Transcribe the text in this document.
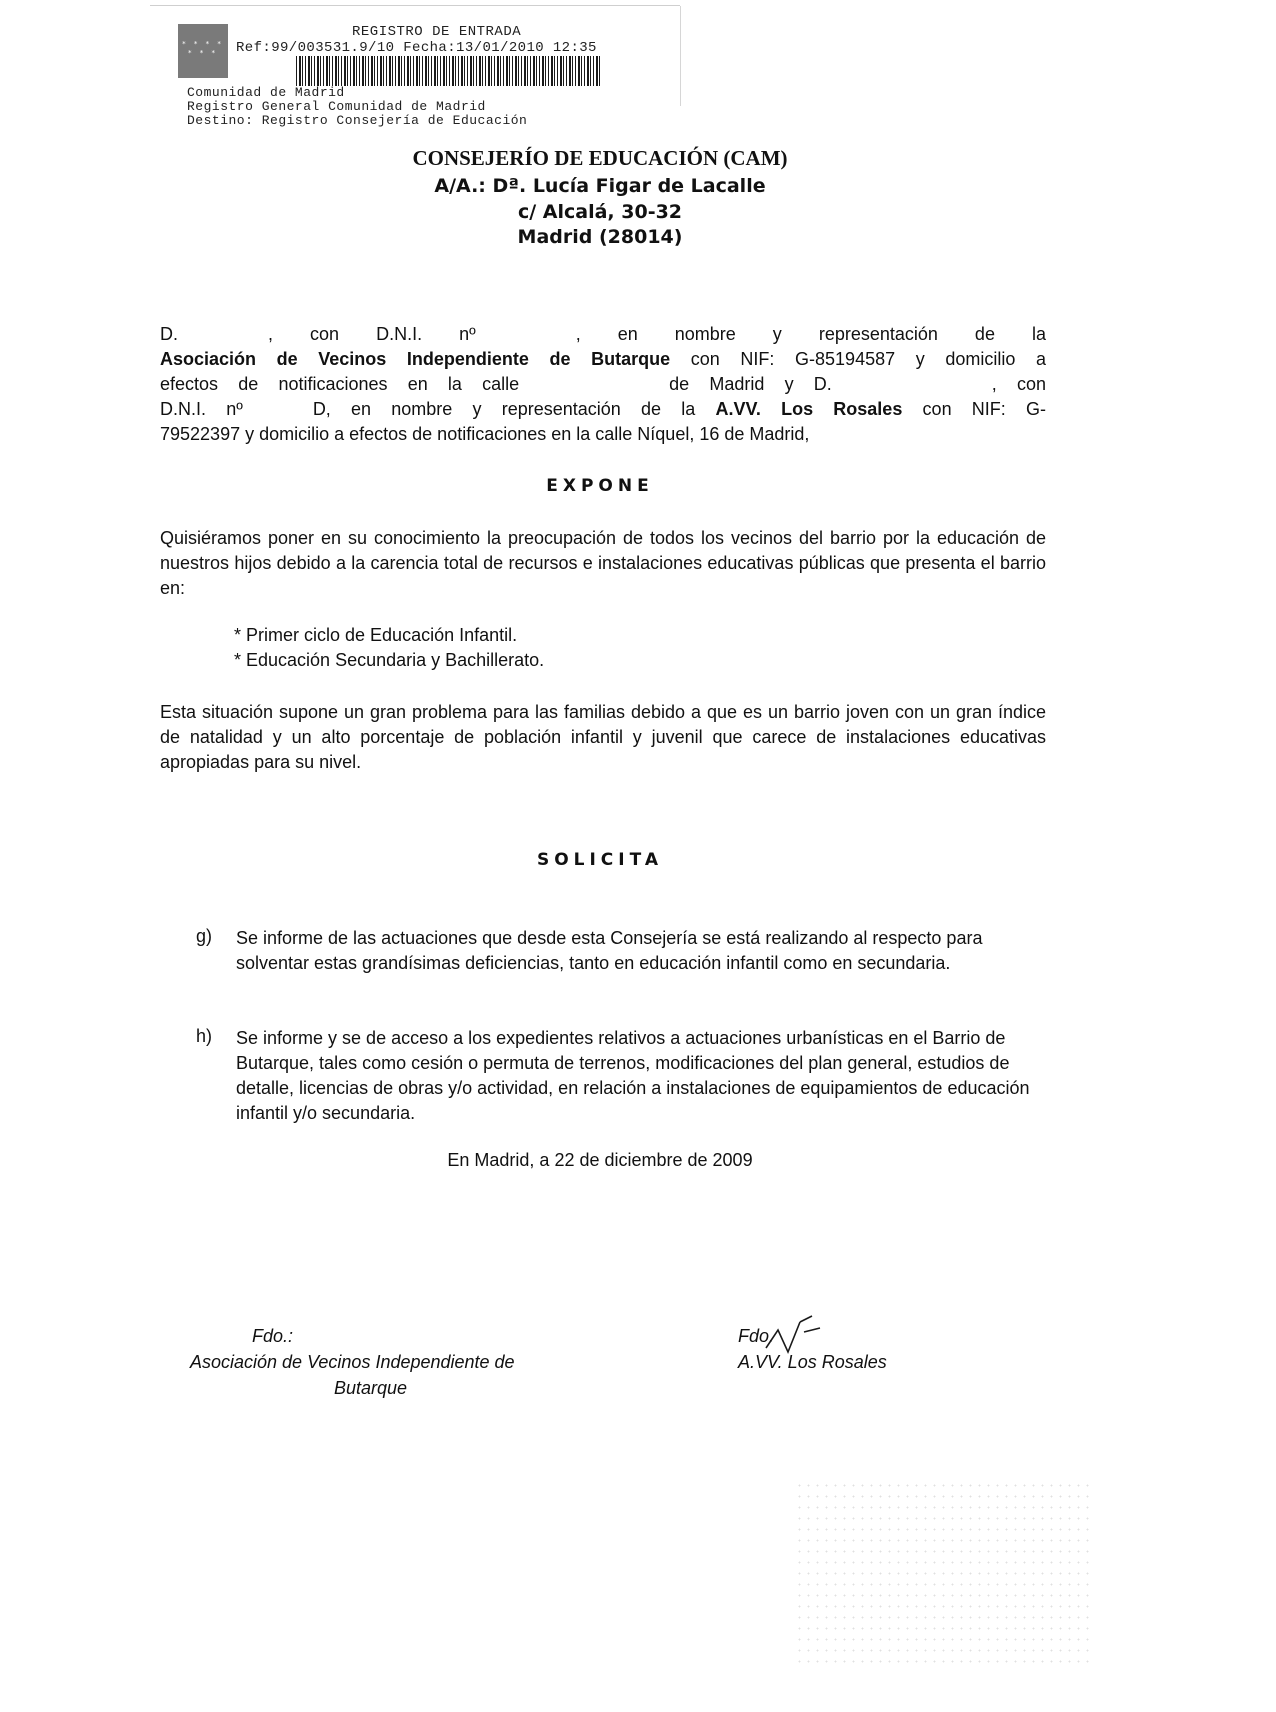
* * * * * * *
REGISTRO DE ENTRADA
Ref:99/003531.9/10 Fecha:13/01/2010 12:35
Comunidad de Madrid
Registro General Comunidad de Madrid
Destino: Registro Consejería de Educación
CONSEJERÍO DE EDUCACIÓN (CAM)
A/A.: Dª. Lucía Figar de Lacalle
c/ Alcalá, 30-32
Madrid (28014)
D.	, con D.N.I. nº	, en nombre y representación de la
Asociación de Vecinos Independiente de Butarque con NIF: G-85194587 y domicilio a
efectos de notificaciones en la calle	de Madrid y D.	, con
D.N.I. nº	D, en nombre y representación de la A.VV. Los Rosales con NIF: G-
79522397 y domicilio a efectos de notificaciones en la calle Níquel, 16 de Madrid,
EXPONE
Quisiéramos poner en su conocimiento la preocupación de todos los vecinos del barrio por la educación de nuestros hijos debido a la carencia total de recursos e instalaciones educativas públicas que presenta el barrio en:
* Primer ciclo de Educación Infantil.
* Educación Secundaria y Bachillerato.
Esta situación supone un gran problema para las familias debido a que es un barrio joven con un gran índice de natalidad y un alto porcentaje de población infantil y juvenil que carece de instalaciones educativas apropiadas para su nivel.
SOLICITA
g) Se informe de las actuaciones que desde esta Consejería se está realizando al respecto para solventar estas grandísimas deficiencias, tanto en educación infantil como en secundaria.
h) Se informe y se de acceso a los expedientes relativos a actuaciones urbanísticas en el Barrio de Butarque, tales como cesión o permuta de terrenos, modificaciones del plan general, estudios de detalle, licencias de obras y/o actividad, en relación a instalaciones de equipamientos de educación infantil y/o secundaria.
En Madrid, a 22 de diciembre de 2009
Fdo.:
Asociación de Vecinos Independiente de
Butarque
Fdo.
A.VV. Los Rosales
